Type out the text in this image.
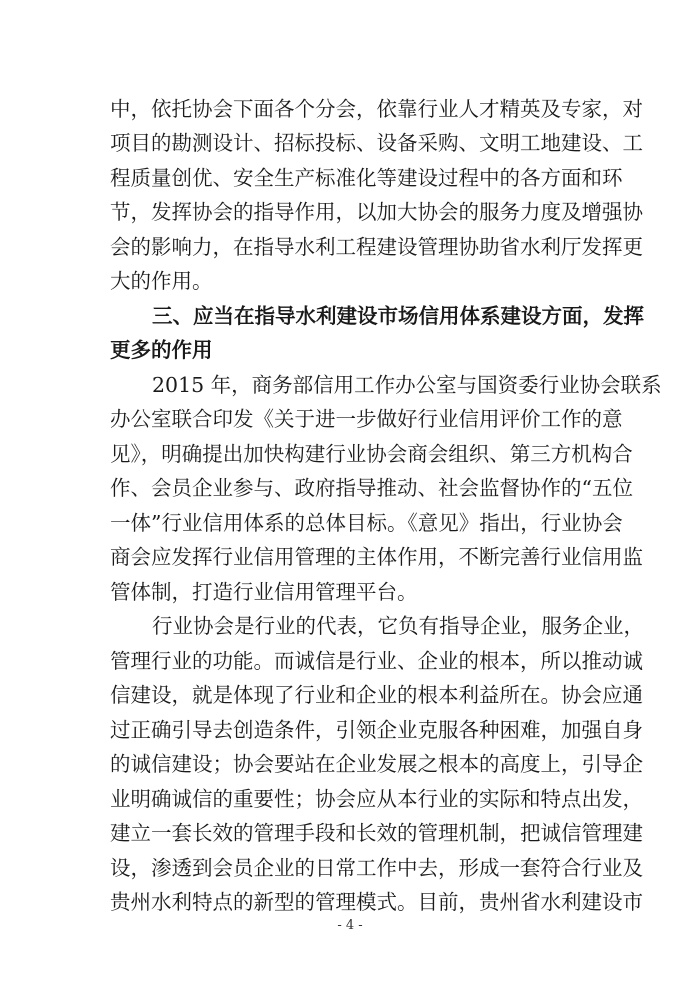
中，依托协会下面各个分会，依靠行业人才精英及专家，对
项目的勘测设计、招标投标、设备采购、文明工地建设、工
程质量创优、安全生产标准化等建设过程中的各方面和环
节，发挥协会的指导作用，以加大协会的服务力度及增强协
会的影响力，在指导水利工程建设管理协助省水利厅发挥更
大的作用。
三、应当在指导水利建设市场信用体系建设方面，发挥
更多的作用
2015 年，商务部信用工作办公室与国资委行业协会联系
办公室联合印发《关于进一步做好行业信用评价工作的意
见》，明确提出加快构建行业协会商会组织、第三方机构合
作、会员企业参与、政府指导推动、社会监督协作的“五位
一体”行业信用体系的总体目标。《意见》指出，行业协会
商会应发挥行业信用管理的主体作用，不断完善行业信用监
管体制，打造行业信用管理平台。
行业协会是行业的代表，它负有指导企业，服务企业，
管理行业的功能。而诚信是行业、企业的根本，所以推动诚
信建设，就是体现了行业和企业的根本利益所在。协会应通
过正确引导去创造条件，引领企业克服各种困难，加强自身
的诚信建设；协会要站在企业发展之根本的高度上，引导企
业明确诚信的重要性；协会应从本行业的实际和特点出发，
建立一套长效的管理手段和长效的管理机制，把诚信管理建
设，渗透到会员企业的日常工作中去，形成一套符合行业及
贵州水利特点的新型的管理模式。目前，贵州省水利建设市
- 4 -
